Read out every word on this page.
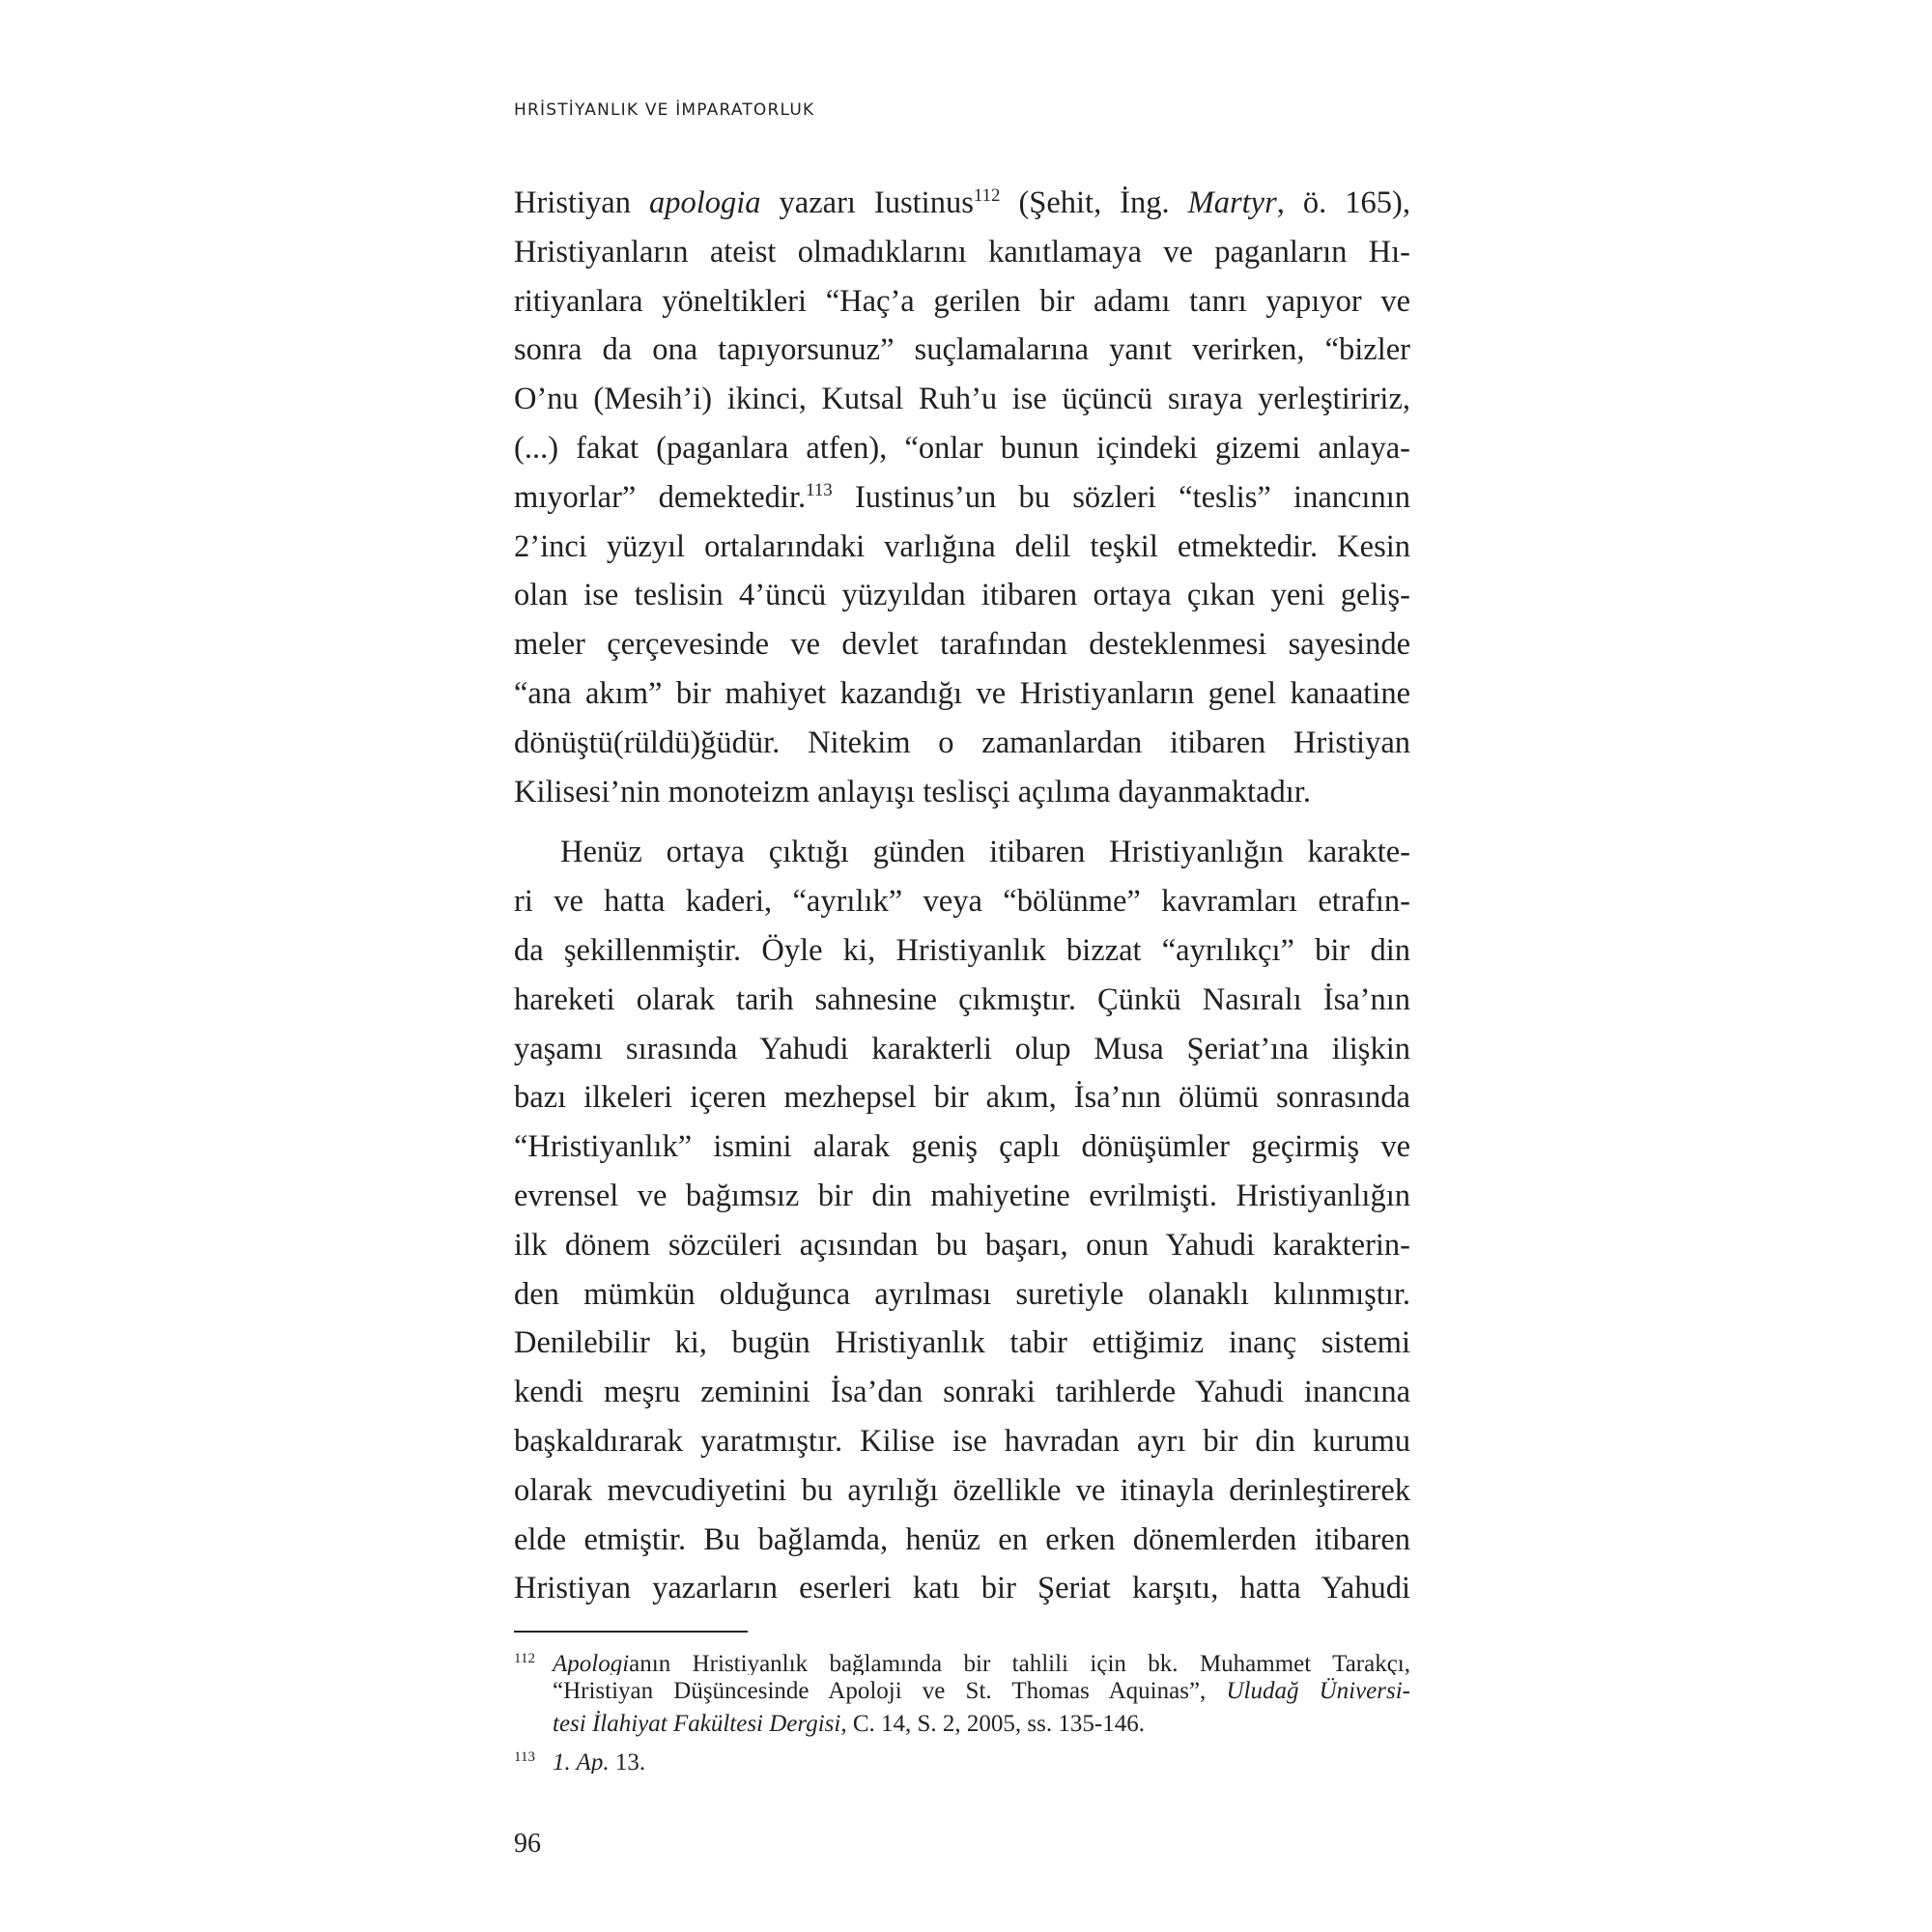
HRİSTİYANLIK VE İMPARATORLUK
Hristiyan apologia yazarı Iustinus$^{112}$ (Şehit, İng. Martyr, ö. 165),
Hristiyanların ateist olmadıklarını kanıtlamaya ve paganların Hı-
ritiyanlara yöneltikleri “Haç’a gerilen bir adamı tanrı yapıyor ve
sonra da ona tapıyorsunuz” suçlamalarına yanıt verirken, “bizler
O’nu (Mesih’i) ikinci, Kutsal Ruh’u ise üçüncü sıraya yerleştiririz,
(...) fakat (paganlara atfen), “onlar bunun içindeki gizemi anlaya-
mıyorlar” demektedir.$^{113}$ Iustinus’un bu sözleri “teslis” inancının
2’inci yüzyıl ortalarındaki varlığına delil teşkil etmektedir. Kesin
olan ise teslisin 4’üncü yüzyıldan itibaren ortaya çıkan yeni geliş-
meler çerçevesinde ve devlet tarafından desteklenmesi sayesinde
“ana akım” bir mahiyet kazandığı ve Hristiyanların genel kanaatine
dönüştü(rüldü)ğüdür. Nitekim o zamanlardan itibaren Hristiyan
Kilisesi’nin monoteizm anlayışı teslisçi açılıma dayanmaktadır.
Henüz ortaya çıktığı günden itibaren Hristiyanlığın karakte-
ri ve hatta kaderi, “ayrılık” veya “bölünme” kavramları etrafın-
da şekillenmiştir. Öyle ki, Hristiyanlık bizzat “ayrılıkçı” bir din
hareketi olarak tarih sahnesine çıkmıştır. Çünkü Nasıralı İsa’nın
yaşamı sırasında Yahudi karakterli olup Musa Şeriat’ına ilişkin
bazı ilkeleri içeren mezhepsel bir akım, İsa’nın ölümü sonrasında
“Hristiyanlık” ismini alarak geniş çaplı dönüşümler geçirmiş ve
evrensel ve bağımsız bir din mahiyetine evrilmişti. Hristiyanlığın
ilk dönem sözcüleri açısından bu başarı, onun Yahudi karakterin-
den mümkün olduğunca ayrılması suretiyle olanaklı kılınmıştır.
Denilebilir ki, bugün Hristiyanlık tabir ettiğimiz inanç sistemi
kendi meşru zeminini İsa’dan sonraki tarihlerde Yahudi inancına
başkaldırarak yaratmıştır. Kilise ise havradan ayrı bir din kurumu
olarak mevcudiyetini bu ayrılığı özellikle ve itinayla derinleştirerek
elde etmiştir. Bu bağlamda, henüz en erken dönemlerden itibaren
Hristiyan yazarların eserleri katı bir Şeriat karşıtı, hatta Yahudi
112 Apologianın Hristiyanlık bağlamında bir tahlili için bk. Muhammet Tarakçı,
“Hristiyan Düşüncesinde Apoloji ve St. Thomas Aquinas”, Uludağ Üniversi-
tesi İlahiyat Fakültesi Dergisi, C. 14, S. 2, 2005, ss. 135-146.
113 1. Ap. 13.
96
